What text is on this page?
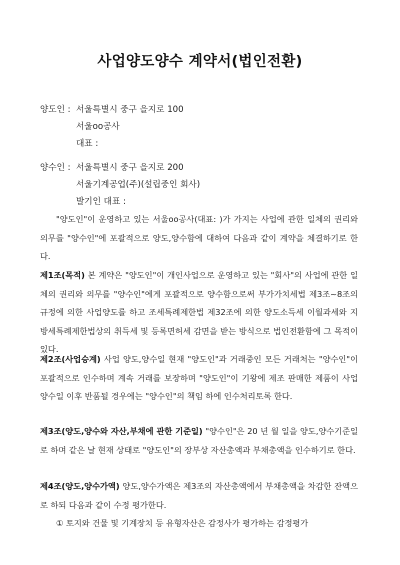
사업양도양수 계약서(법인전환)
양도인 : 서울특별시 중구 을지로 100
서울oo공사
대표 :
양수인 : 서울특별시 중구 을지로 200
서울기계공업(주)(설립중인 회사)
발기인 대표 :
"양도인"이 운영하고 있는 서울oo공사(대표: )가 가지는 사업에 관한 일체의 권리와 의무를 "양수인"에 포괄적으로 양도,양수함에 대하여 다음과 같이 계약을 체결하기로 한다.
제1조(목적) 본 계약은 "양도인"이 개인사업으로 운영하고 있는 "회사"의 사업에 관한 일체의 권리와 의무를 "양수인"에게 포괄적으로 양수함으로써 부가가치세법 제3조~8조의 규정에 의한 사업양도를 하고 조세특례제한법 제32조에 의한 양도소득세 이월과세와 지방세특례제한법상의 취득세 및 등록면허세 감면을 받는 방식으로 법인전환함에 그 목적이 있다.
제2조(사업승계) 사업 양도,양수일 현재 "양도인"과 거래중인 모든 거래처는 "양수인"이 포괄적으로 인수하며 계속 거래를 보장하며 "양도인"이 기왕에 제조 판매한 제품이 사업양수일 이후 반품될 경우에는 "양수인"의 책임 하에 인수처리토록 한다.
제3조(양도,양수와 자산,부채에 관한 기준일) "양수인"은 20 년 월 일을 양도,양수기준일로 하며 같은 날 현재 상태로 "양도인"의 장부상 자산총액과 부채총액을 인수하기로 한다.
제4조(양도,양수가액) 양도,양수가액은 제3조의 자산총액에서 부채총액을 차감한 잔액으로 하되 다음과 같이 수정 평가한다.
① 토지와 건물 및 기계장치 등 유형자산은 감정사가 평가하는 감정평가
